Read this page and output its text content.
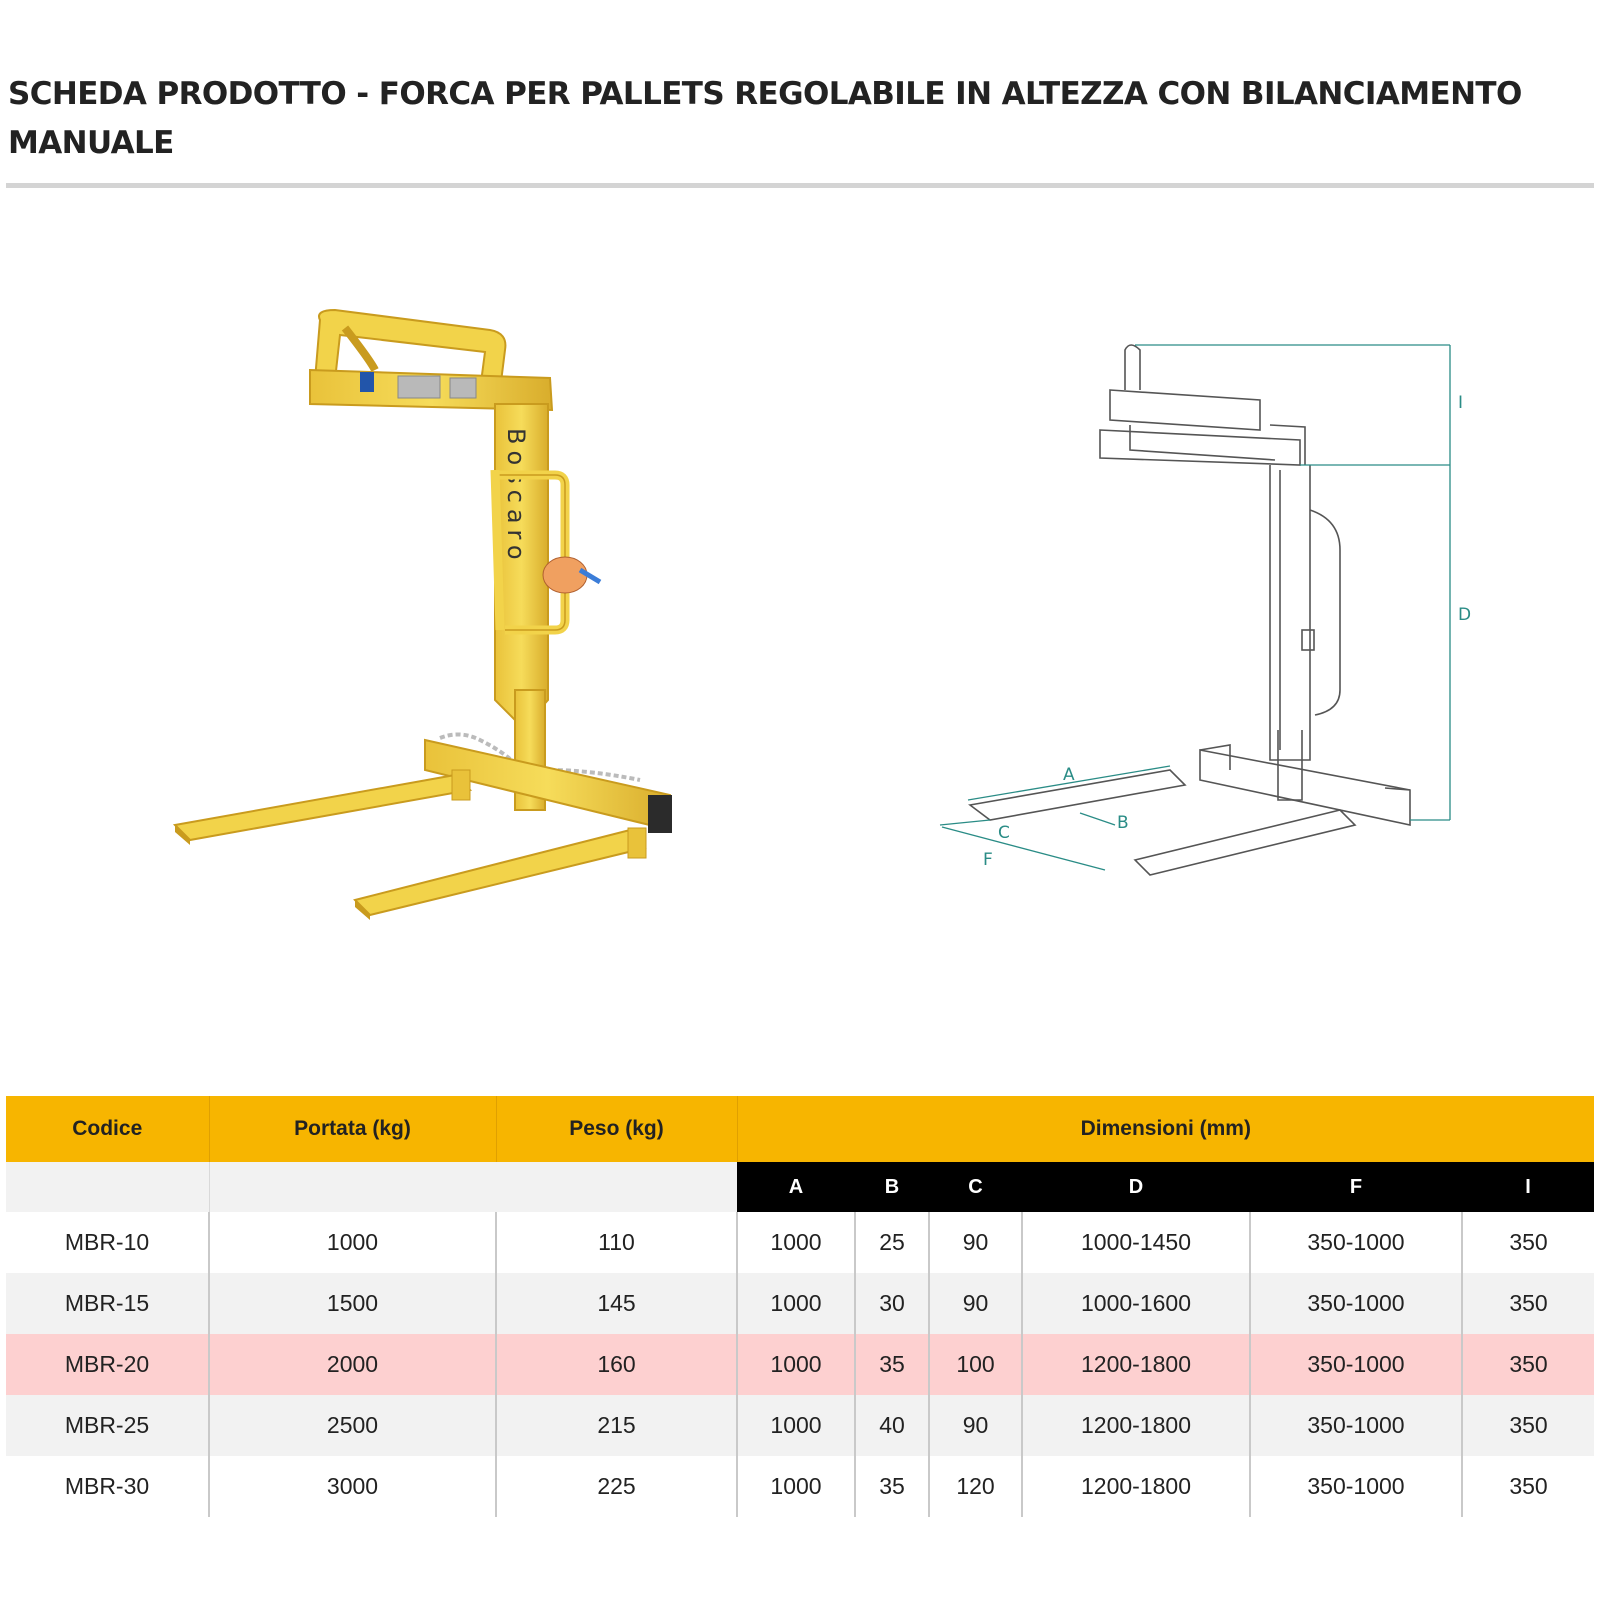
SCHEDA PRODOTTO - FORCA PER PALLETS REGOLABILE IN ALTEZZA CON BILANCIAMENTO MANUALE
Boscaro
I
D
A
B
C
F
Codice	Portata (kg)	Peso (kg)	Dimensioni (mm)					
			A	B	C	D	F	I
MBR-10	1000	110	1000	25	90	1000-1450	350-1000	350
MBR-15	1500	145	1000	30	90	1000-1600	350-1000	350
MBR-20	2000	160	1000	35	100	1200-1800	350-1000	350
MBR-25	2500	215	1000	40	90	1200-1800	350-1000	350
MBR-30	3000	225	1000	35	120	1200-1800	350-1000	350
